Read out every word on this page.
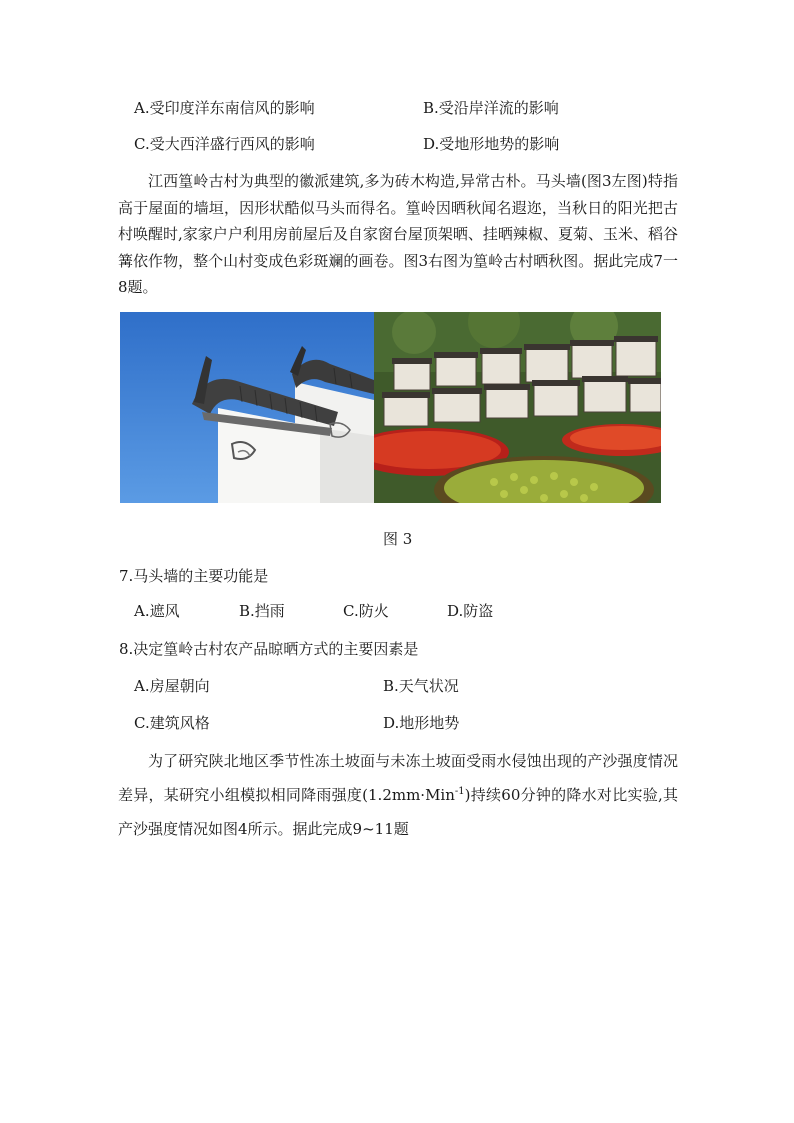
A.受印度洋东南信风的影响	B.受沿岸洋流的影响
C.受大西洋盛行西风的影响	D.受地形地势的影响
江西篁岭古村为典型的徽派建筑,多为砖木构造,异常古朴。马头墙(图3左图)特指高于屋面的墙垣，因形状酷似马头而得名。篁岭因晒秋闻名遐迩，当秋日的阳光把古村唤醒时,家家户户利用房前屋后及自家窗台屋顶架晒、挂晒辣椒、夏菊、玉米、稻谷篝依作物，整个山村变成色彩斑斓的画卷。图3右图为篁岭古村晒秋图。据此完成7一8题。
图 3
7.马头墙的主要功能是
A.遮风	B.挡雨	C.防火	D.防盗
8.决定篁岭古村农产品晾晒方式的主要因素是
A.房屋朝向	B.天气状况
C.建筑风格	D.地形地势
为了研究陕北地区季节性冻土坡面与未冻土坡面受雨水侵蚀出现的产沙强度情况差异，某研究小组模拟相同降雨强度(1.2mm·Min$^{-1}$)持续60分钟的降水对比实验,其产沙强度情况如图4所示。据此完成9~11题
